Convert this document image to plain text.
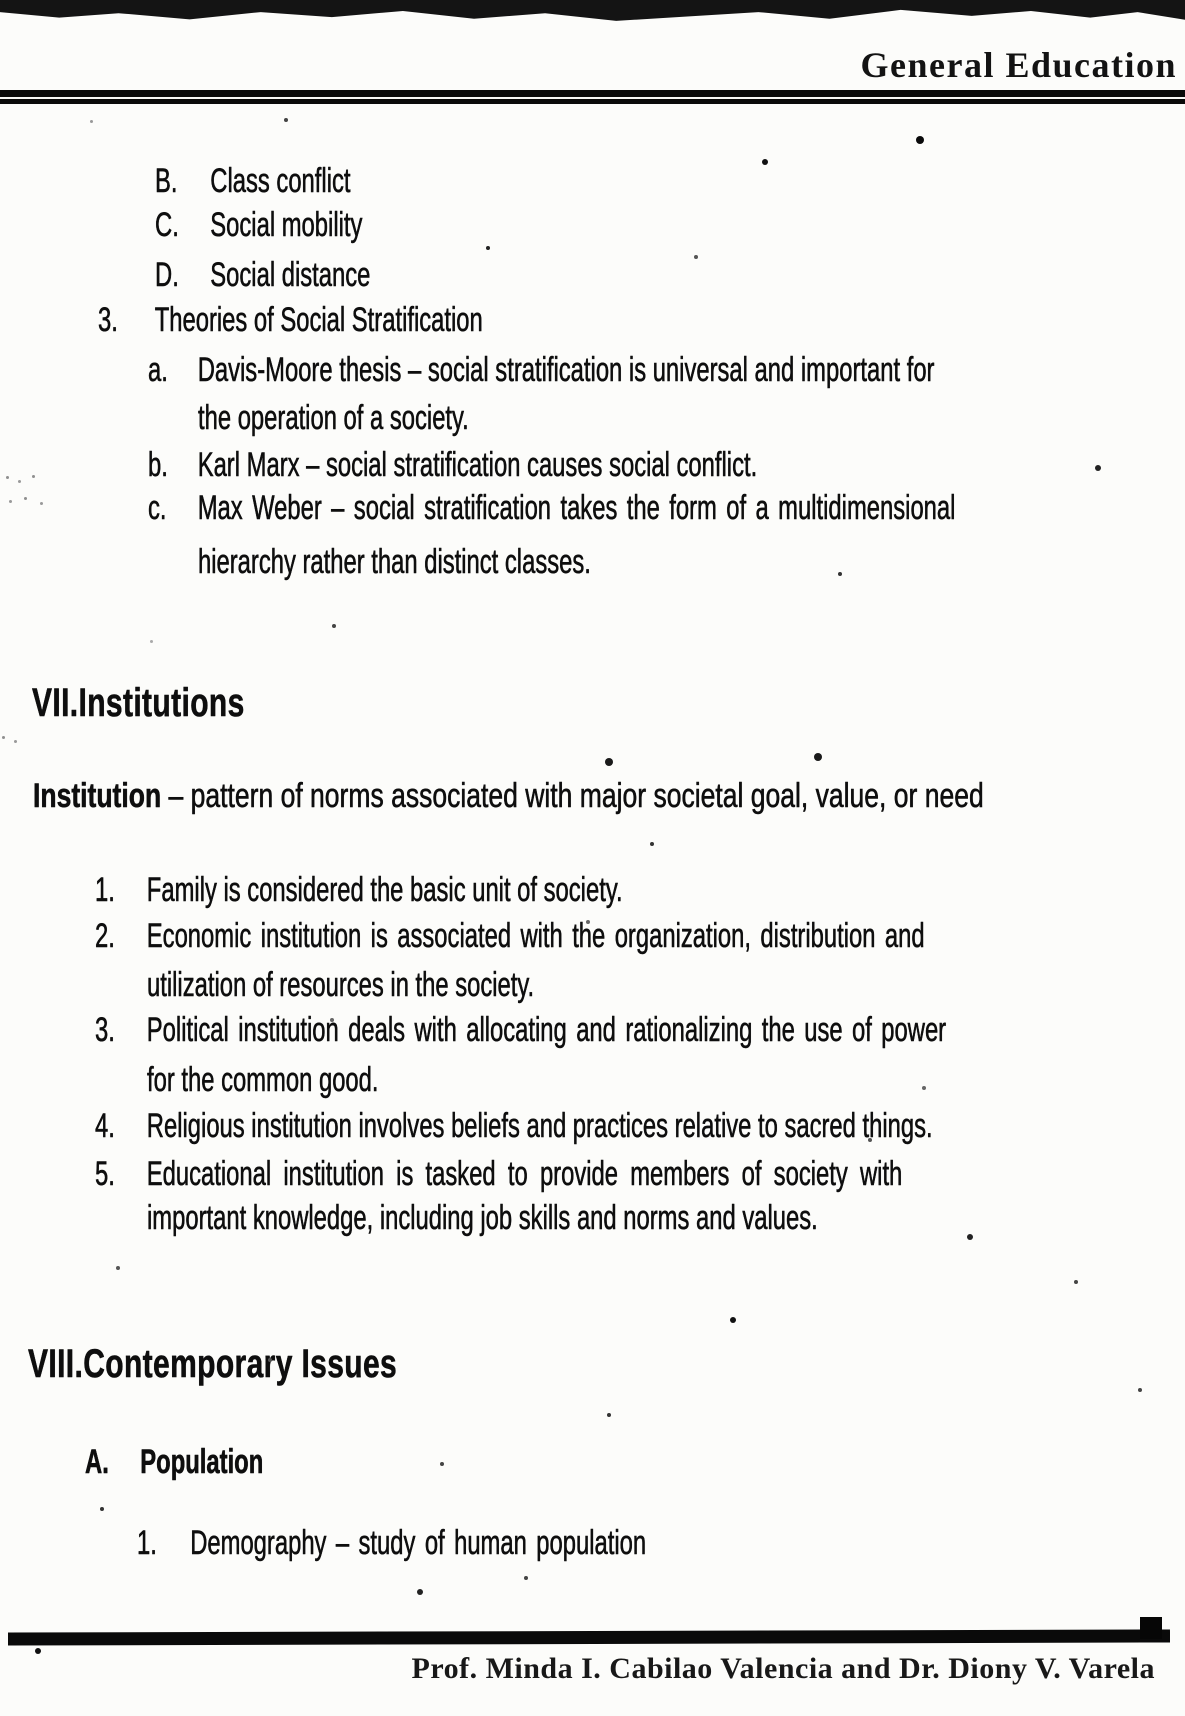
General Education
B. Class conflict
C. Social mobility
D. Social distance
3. Theories of Social Stratification
a. Davis-Moore thesis – social stratification is universal and important for
the operation of a society.
b. Karl Marx – social stratification causes social conflict.
c. Max Weber – social stratification takes the form of a multidimensional
hierarchy rather than distinct classes.
VII.Institutions
Institution – pattern of norms associated with major societal goal, value, or need
1. Family is considered the basic unit of society.
2. Economic institution is associated with the organization, distribution and
utilization of resources in the society.
3. Political institution deals with allocating and rationalizing the use of power
for the common good.
4. Religious institution involves beliefs and practices relative to sacred things.
5. Educational institution is tasked to provide members of society with
important knowledge, including job skills and norms and values.
VIII.Contemporary Issues
A. Population
1. Demography – study of human population
Prof. Minda I. Cabilao Valencia and Dr. Diony V. Varela
